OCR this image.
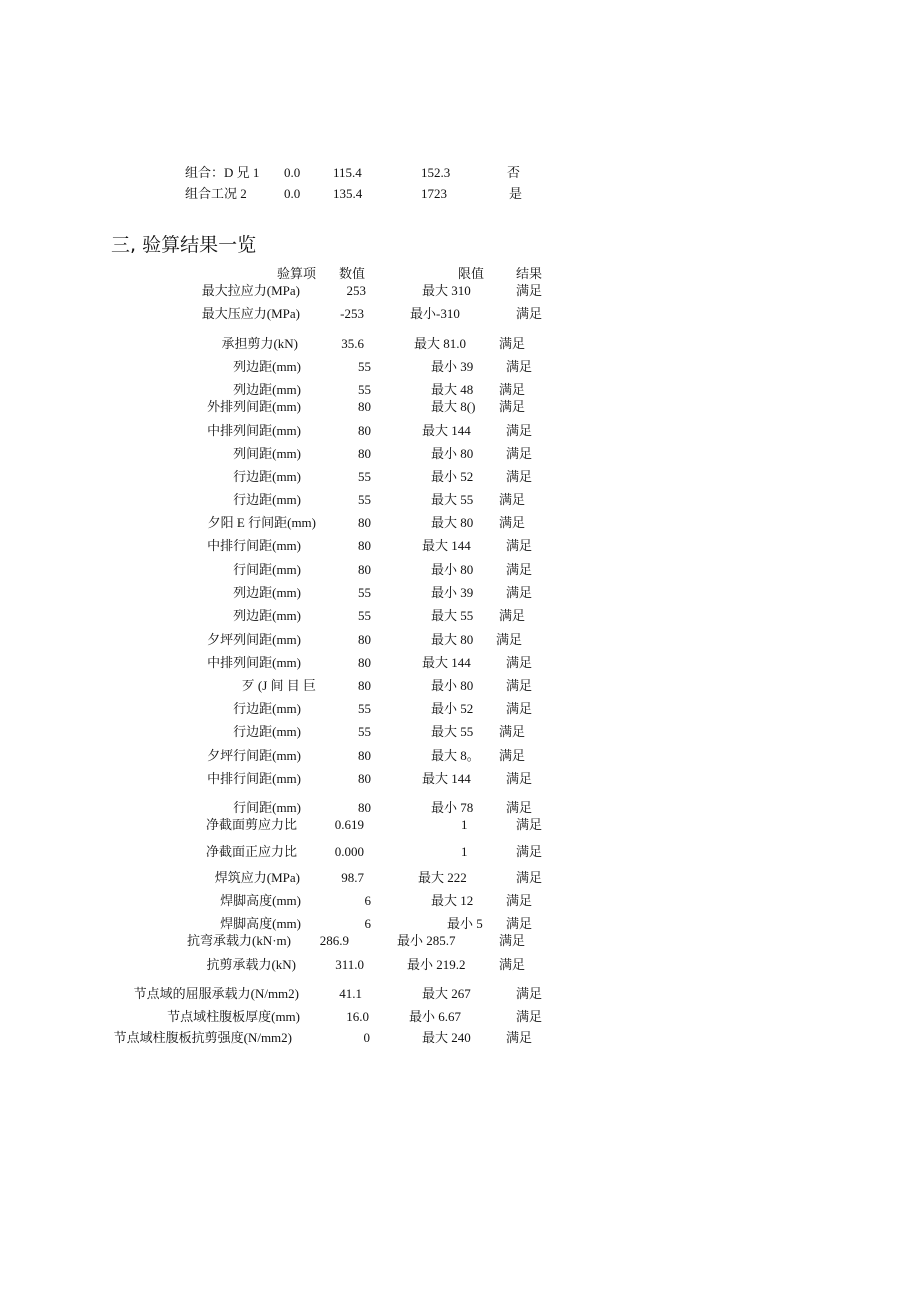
组合：D 兄 1 0.0	115.4	152.3	否
组合工况 2	0.0	135.4	1723	是
三, 验算结果一览
验算项 数值	限值 结果
最大拉应力(MPa)	253	最大 310	满足
最大压应力(MPa)	-253	最小-310	满足
承担剪力(kN)	35.6	最大 81.0	满足
列边距(mm)	55	最小 39	满足
列边距(mm)	55	最大 48 满足
外排列间距(mm)	80	最大 8() 满足
中排列间距(mm)	80	最大 144	满足
列间距(mm)	80	最小 80	满足
行边距(mm)	55	最小 52	满足
行边距(mm)	55	最大 55 满足
夕阳 E 行间距(mm)	80	最大 80 满足
中排行间距(mm)	80	最大 144	满足
行间距(mm)	80	最小 80	满足
列边距(mm)	55	最小 39	满足
列边距(mm)	55	最大 55 满足
夕坪列间距(mm)	80	最大 80 满足
中排列间距(mm)	80	最大 144	满足
歹 (J 间 目 巨	80	最小 80	满足
行边距(mm)	55	最小 52	满足
行边距(mm)	55	最大 55 满足
夕坪行间距(mm)	80	最大 8。 满足
中排行间距(mm)	80	最大 144	满足
行间距(mm)	80	最小 78	满足
净截面剪应力比	0.619	1	满足
净截面正应力比	0.000	1	满足
焊筑应力(MPa)	98.7	最大 222	满足
焊脚高度(mm)	6	最大 12	满足
焊脚高度(mm)	6	最小 5 满足
抗弯承载力(kN·m) 286.9	最小 285.7	满足
抗剪承载力(kN)	311.0	最小 219.2	满足
节点域的屈服承载力(N/mm2)	41.1	最大 267	满足
节点域柱腹板厚度(mm)	16.0	最小 6.67	满足
节点域柱腹板抗剪强度(N/mm2)	0	最大 240	满足
